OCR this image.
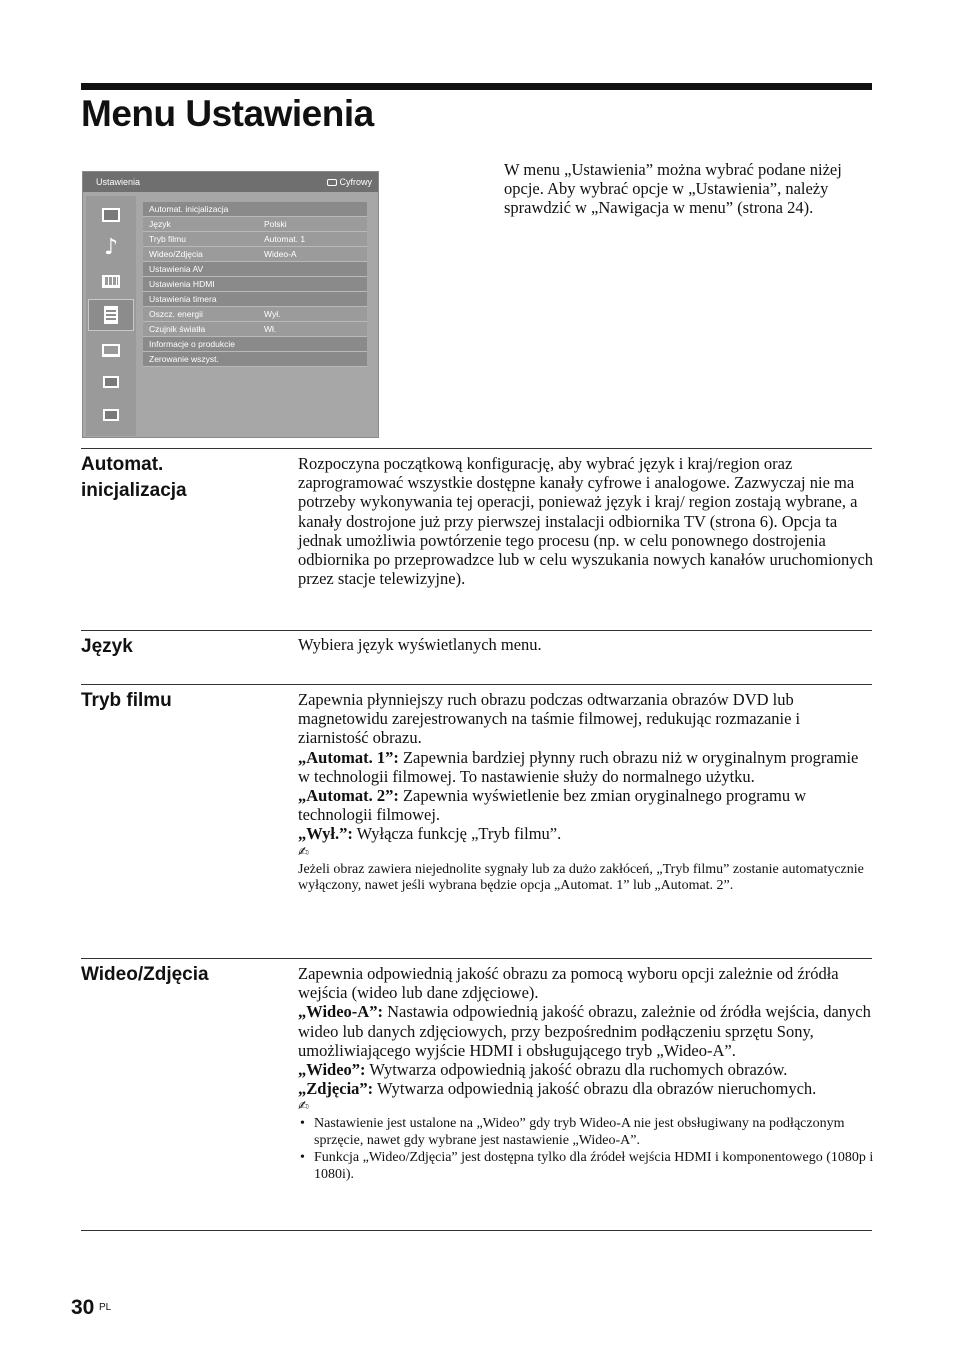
Menu Ustawienia
Ustawienia	Cyfrowy
♪
Automat. inicjalizacja
Język	Polski
Tryb filmu	Automat. 1
Wideo/Zdjęcia	Wideo-A
Ustawienia AV
Ustawienia HDMI
Ustawienia timera
Oszcz. energii	Wył.
Czujnik światła	Wł.
Informacje o produkcie
Zerowanie wszyst.

W menu „Ustawienia” można wybrać podane niżej opcje. Aby wybrać opcje w „Ustawienia”, należy sprawdzić w „Nawigacja w menu” (strona 24).

Automat.
inicjalizacja

Rozpoczyna początkową konfigurację, aby wybrać język i kraj/region oraz zaprogramować wszystkie dostępne kanały cyfrowe i analogowe. Zazwyczaj nie ma potrzeby wykonywania tej operacji, ponieważ język i kraj/ region zostają wybrane, a kanały dostrojone już przy pierwszej instalacji odbiornika TV (strona 6). Opcja ta jednak umożliwia powtórzenie tego procesu (np. w celu ponownego dostrojenia odbiornika po przeprowadzce lub w celu wyszukania nowych kanałów uruchomionych przez stacje telewizyjne).

Język	Wybiera język wyświetlanych menu.

Tryb filmu	Zapewnia płynniejszy ruch obrazu podczas odtwarzania obrazów DVD lub magnetowidu zarejestrowanych na taśmie filmowej, redukując rozmazanie i ziarnistość obrazu.

„Automat. 1”: Zapewnia bardziej płynny ruch obrazu niż w oryginalnym programie w technologii filmowej. To nastawienie służy do normalnego użytku.

„Automat. 2”: Zapewnia wyświetlenie bez zmian oryginalnego programu w technologii filmowej.

„Wył.”: Wyłącza funkcję „Tryb filmu”.

✍

Jeżeli obraz zawiera niejednolite sygnały lub za dużo zakłóceń, „Tryb filmu” zostanie automatycznie wyłączony, nawet jeśli wybrana będzie opcja „Automat. 1” lub „Automat. 2”.

Wideo/Zdjęcia	Zapewnia odpowiednią jakość obrazu za pomocą wyboru opcji zależnie od źródła wejścia (wideo lub dane zdjęciowe).

„Wideo-A”: Nastawia odpowiednią jakość obrazu, zależnie od źródła wejścia, danych wideo lub danych zdjęciowych, przy bezpośrednim podłączeniu sprzętu Sony, umożliwiającego wyjście HDMI i obsługującego tryb „Wideo-A”.

„Wideo”: Wytwarza odpowiednią jakość obrazu dla ruchomych obrazów.

„Zdjęcia”: Wytwarza odpowiednią jakość obrazu dla obrazów nieruchomych.

✍

• Nastawienie jest ustalone na „Wideo” gdy tryb Wideo-A nie jest obsługiwany na podłączonym sprzęcie, nawet gdy wybrane jest nastawienie „Wideo-A”.

• Funkcja „Wideo/Zdjęcia” jest dostępna tylko dla źródeł wejścia HDMI i komponentowego (1080p i 1080i).

30 PL
